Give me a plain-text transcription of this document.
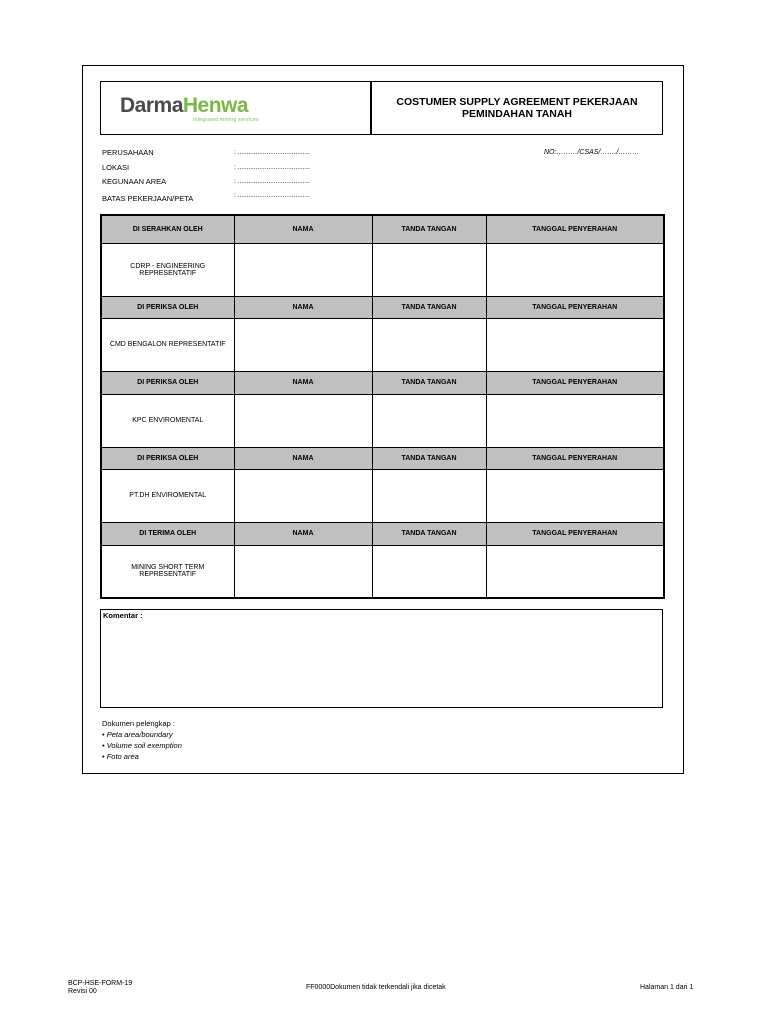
DarmaHenwa
integrated mining services
COSTUMER SUPPLY AGREEMENT PEKERJAAN
PEMINDAHAN TANAH
PERUSAHAAN	: ........................................
LOKASI	: ........................................
KEGUNAAN AREA	: ........................................
BATAS PEKERJAAN/PETA	: ........................................
NO:………/CSAS/……./………
DI SERAHKAN OLEH	NAMA	TANDA TANGAN	TANGGAL PENYERAHAN
CDRP - ENGINEERING
REPRESENTATIF			
DI PERIKSA OLEH	NAMA	TANDA TANGAN	TANGGAL PENYERAHAN
CMD BENGALON REPRESENTATIF			
DI PERIKSA OLEH	NAMA	TANDA TANGAN	TANGGAL PENYERAHAN
KPC ENVIROMENTAL			
DI PERIKSA OLEH	NAMA	TANDA TANGAN	TANGGAL PENYERAHAN
PT.DH ENVIROMENTAL			
DI TERIMA OLEH	NAMA	TANDA TANGAN	TANGGAL PENYERAHAN
MINING SHORT TERM
REPRESENTATIF			
Komentar :
Dokumen pelengkap :
• Peta area/boundary
• Volume soil exemption
• Foto area
BCP-HSE-FORM-19
Revisi 00
FF0000Dokumen tidak terkendali jika dicetak	Halaman 1 dari 1
